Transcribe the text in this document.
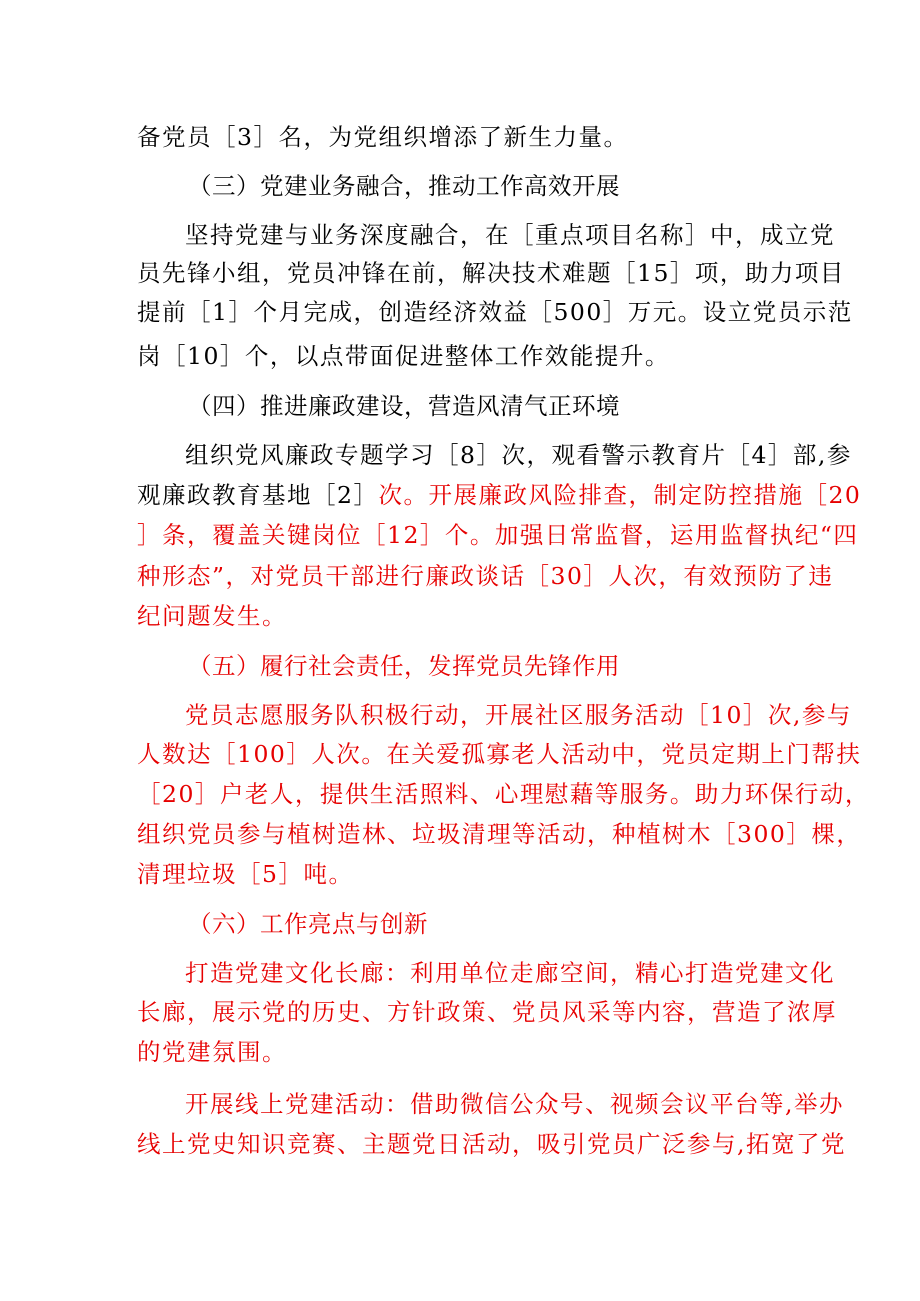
备党员［3］名，为党组织增添了新生力量。
（三）党建业务融合，推动工作高效开展
坚持党建与业务深度融合，在［重点项目名称］中，成立党
员先锋小组，党员冲锋在前，解决技术难题［15］项，助力项目
提前［1］个月完成，创造经济效益［500］万元。设立党员示范
岗［10］个，以点带面促进整体工作效能提升。
（四）推进廉政建设，营造风清气正环境
组织党风廉政专题学习［8］次，观看警示教育片［4］部,参
观廉政教育基地［2］次。开展廉政风险排查，制定防控措施［20
］条，覆盖关键岗位［12］个。加强日常监督，运用监督执纪“四
种形态”，对党员干部进行廉政谈话［30］人次，有效预防了违
纪问题发生。
（五）履行社会责任，发挥党员先锋作用
党员志愿服务队积极行动，开展社区服务活动［10］次,参与
人数达［100］人次。在关爱孤寡老人活动中，党员定期上门帮扶
［20］户老人，提供生活照料、心理慰藉等服务。助力环保行动，
组织党员参与植树造林、垃圾清理等活动，种植树木［300］棵，
清理垃圾［5］吨。
（六）工作亮点与创新
打造党建文化长廊：利用单位走廊空间，精心打造党建文化
长廊，展示党的历史、方针政策、党员风采等内容，营造了浓厚
的党建氛围。
开展线上党建活动：借助微信公众号、视频会议平台等,举办
线上党史知识竞赛、主题党日活动，吸引党员广泛参与,拓宽了党
